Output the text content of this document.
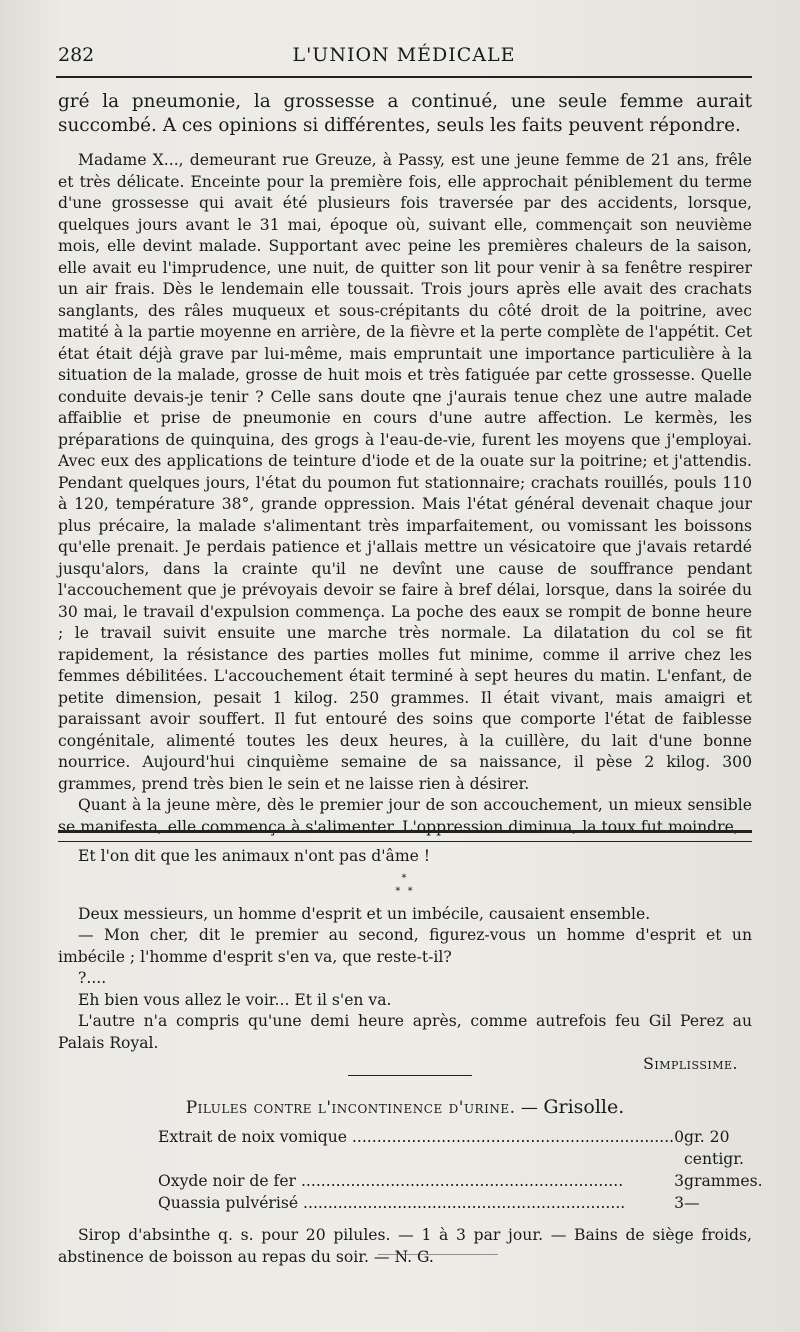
282	L'UNION MÉDICALE

gré la pneumonie, la grossesse a continué, une seule femme aurait succombé. A ces opinions si différentes, seuls les faits peuvent répondre.

Madame X..., demeurant rue Greuze, à Passy, est une jeune femme de 21 ans, frêle et très délicate. Enceinte pour la première fois, elle approchait péniblement du terme d'une grossesse qui avait été plusieurs fois traversée par des accidents, lorsque, quelques jours avant le 31 mai, époque où, suivant elle, commençait son neuvième mois, elle devint malade. Supportant avec peine les premières chaleurs de la saison, elle avait eu l'imprudence, une nuit, de quitter son lit pour venir à sa fenêtre respirer un air frais. Dès le lendemain elle toussait. Trois jours après elle avait des crachats sanglants, des râles muqueux et sous-crépitants du côté droit de la poitrine, avec matité à la partie moyenne en arrière, de la fièvre et la perte complète de l'appétit. Cet état était déjà grave par lui-même, mais empruntait une importance particulière à la situation de la malade, grosse de huit mois et très fatiguée par cette grossesse. Quelle conduite devais-je tenir ? Celle sans doute qne j'aurais tenue chez une autre malade affaiblie et prise de pneumonie en cours d'une autre affection. Le kermès, les préparations de quinquina, des grogs à l'eau-de-vie, furent les moyens que j'employai. Avec eux des applications de teinture d'iode et de la ouate sur la poitrine; et j'attendis. Pendant quelques jours, l'état du poumon fut stationnaire; crachats rouillés, pouls 110 à 120, température 38°, grande oppression. Mais l'état général devenait chaque jour plus précaire, la malade s'alimentant très imparfaitement, ou vomissant les boissons qu'elle prenait. Je perdais patience et j'allais mettre un vésicatoire que j'avais retardé jusqu'alors, dans la crainte qu'il ne devînt une cause de souffrance pendant l'accouchement que je prévoyais devoir se faire à bref délai, lorsque, dans la soirée du 30 mai, le travail d'expulsion commença. La poche des eaux se rompit de bonne heure ; le travail suivit ensuite une marche très normale. La dilatation du col se fit rapidement, la résistance des parties molles fut minime, comme il arrive chez les femmes débilitées. L'accouchement était terminé à sept heures du matin. L'enfant, de petite dimension, pesait 1 kilog. 250 grammes. Il était vivant, mais amaigri et paraissant avoir souffert. Il fut entouré des soins que comporte l'état de faiblesse congénitale, alimenté toutes les deux heures, à la cuillère, du lait d'une bonne nourrice. Aujourd'hui cinquième semaine de sa naissance, il pèse 2 kilog. 300 grammes, prend très bien le sein et ne laisse rien à désirer.

Quant à la jeune mère, dès le premier jour de son accouchement, un mieux sensible se manifesta, elle commença à s'alimenter. L'oppression diminua, la toux fut moindre,

Et l'on dit que les animaux n'ont pas d'âme !

*
* *

Deux messieurs, un homme d'esprit et un imbécile, causaient ensemble.

— Mon cher, dit le premier au second, figurez-vous un homme d'esprit et un imbécile ; l'homme d'esprit s'en va, que reste-t-il?

?....

Eh bien vous allez le voir... Et il s'en va.

L'autre n'a compris qu'une demi heure après, comme autrefois feu Gil Perez au Palais Royal.

Simplissime.
Pilules contre l'incontinence d'urine. — Grisolle.
Extrait de noix vomique .....	0	gr. 20 centigr.
Oxyde noir de fer .....	3	grammes.
Quassia pulvérisé .....	3	—

Sirop d'absinthe q. s. pour 20 pilules. — 1 à 3 par jour. — Bains de siège froids, abstinence de boisson au repas du soir. — N. G.
